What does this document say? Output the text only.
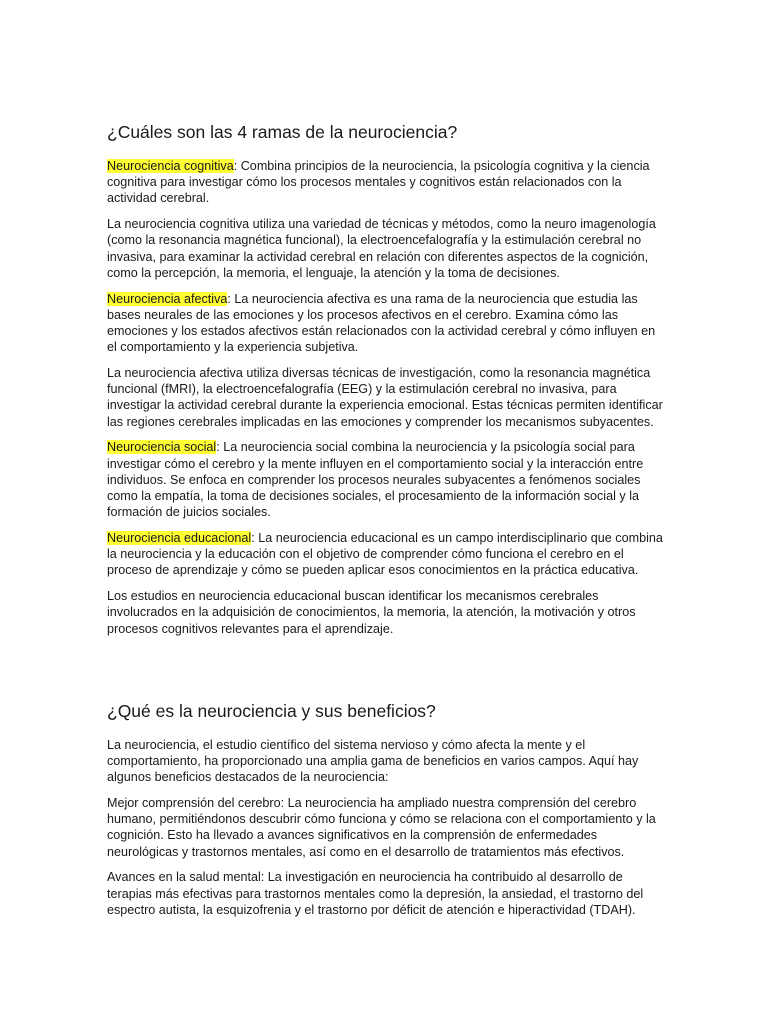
¿Cuáles son las 4 ramas de la neurociencia?

Neurociencia cognitiva: Combina principios de la neurociencia, la psicología cognitiva y la ciencia cognitiva para investigar cómo los procesos mentales y cognitivos están relacionados con la actividad cerebral.

La neurociencia cognitiva utiliza una variedad de técnicas y métodos, como la neuro imagenología (como la resonancia magnética funcional), la electroencefalografía y la estimulación cerebral no invasiva, para examinar la actividad cerebral en relación con diferentes aspectos de la cognición, como la percepción, la memoria, el lenguaje, la atención y la toma de decisiones.

Neurociencia afectiva: La neurociencia afectiva es una rama de la neurociencia que estudia las bases neurales de las emociones y los procesos afectivos en el cerebro. Examina cómo las emociones y los estados afectivos están relacionados con la actividad cerebral y cómo influyen en el comportamiento y la experiencia subjetiva.

La neurociencia afectiva utiliza diversas técnicas de investigación, como la resonancia magnética funcional (fMRI), la electroencefalografía (EEG) y la estimulación cerebral no invasiva, para investigar la actividad cerebral durante la experiencia emocional. Estas técnicas permiten identificar las regiones cerebrales implicadas en las emociones y comprender los mecanismos subyacentes.

Neurociencia social: La neurociencia social combina la neurociencia y la psicología social para investigar cómo el cerebro y la mente influyen en el comportamiento social y la interacción entre individuos. Se enfoca en comprender los procesos neurales subyacentes a fenómenos sociales como la empatía, la toma de decisiones sociales, el procesamiento de la información social y la formación de juicios sociales.

Neurociencia educacional: La neurociencia educacional es un campo interdisciplinario que combina la neurociencia y la educación con el objetivo de comprender cómo funciona el cerebro en el proceso de aprendizaje y cómo se pueden aplicar esos conocimientos en la práctica educativa.

Los estudios en neurociencia educacional buscan identificar los mecanismos cerebrales involucrados en la adquisición de conocimientos, la memoria, la atención, la motivación y otros procesos cognitivos relevantes para el aprendizaje.

¿Qué es la neurociencia y sus beneficios?

La neurociencia, el estudio científico del sistema nervioso y cómo afecta la mente y el comportamiento, ha proporcionado una amplia gama de beneficios en varios campos. Aquí hay algunos beneficios destacados de la neurociencia:

Mejor comprensión del cerebro: La neurociencia ha ampliado nuestra comprensión del cerebro humano, permitiéndonos descubrir cómo funciona y cómo se relaciona con el comportamiento y la cognición. Esto ha llevado a avances significativos en la comprensión de enfermedades neurológicas y trastornos mentales, así como en el desarrollo de tratamientos más efectivos.

Avances en la salud mental: La investigación en neurociencia ha contribuido al desarrollo de terapias más efectivas para trastornos mentales como la depresión, la ansiedad, el trastorno del espectro autista, la esquizofrenia y el trastorno por déficit de atención e hiperactividad (TDAH).
